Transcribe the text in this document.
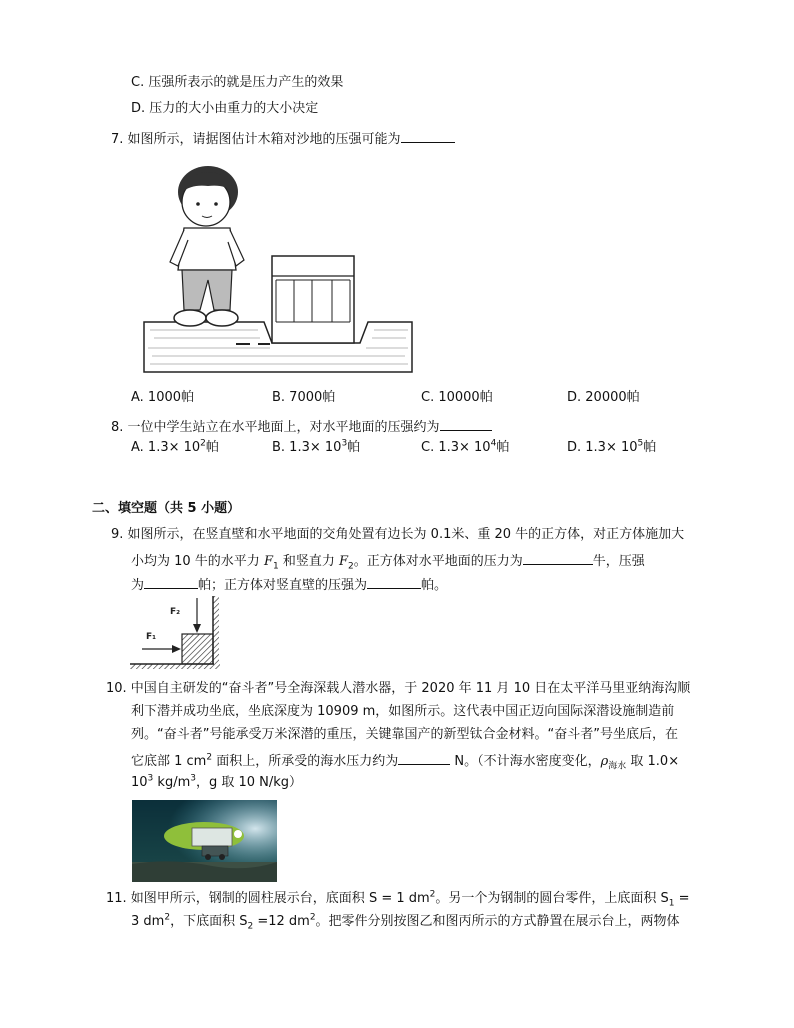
C. 压强所表示的就是压力产生的效果
D. 压力的大小由重力的大小决定
7. 如图所示，请据图估计木箱对沙地的压强可能为
A. 1000帕	B. 7000帕	C. 10000帕	D. 20000帕
8. 一位中学生站立在水平地面上，对水平地面的压强约为
A. $1.3\times 10^2$帕	B. $1.3\times 10^3$帕	C. $1.3\times 10^4$帕	D. $1.3\times 10^5$帕
二、填空题（共 5 小题）
9. 如图所示，在竖直壁和水平地面的交角处置有边长为 0.1米、重 20 牛的正方体，对正方体施加大
小均为 10 牛的水平力 $F_1$ 和竖直力 $F_2$。正方体对水平地面的压力为	牛，压强
为	帕；正方体对竖直壁的压强为	帕。
F₂
F₁
10. 中国自主研发的“奋斗者”号全海深载人潜水器，于 2020 年 11 月 10 日在太平洋马里亚纳海沟顺
利下潜并成功坐底，坐底深度为 10909 m，如图所示。这代表中国正迈向国际深潜设施制造前
列。“奋斗者”号能承受万米深潜的重压，关键靠国产的新型钛合金材料。“奋斗者”号坐底后，在
它底部 1 $cm^2$ 面积上，所承受的海水压力约为	N。（不计海水密度变化，$\rho_{海水}$ 取 1.0×
$10^3$ $kg/m^3$，g 取 10 N/kg）
11. 如图甲所示，钢制的圆柱展示台，底面积 S = 1 $dm^2$。另一个为钢制的圆台零件，上底面积 $S_1$ =
3 $dm^2$，下底面积 $S_2 =12$ $dm^2$。把零件分别按图乙和图丙所示的方式静置在展示台上，两物体
